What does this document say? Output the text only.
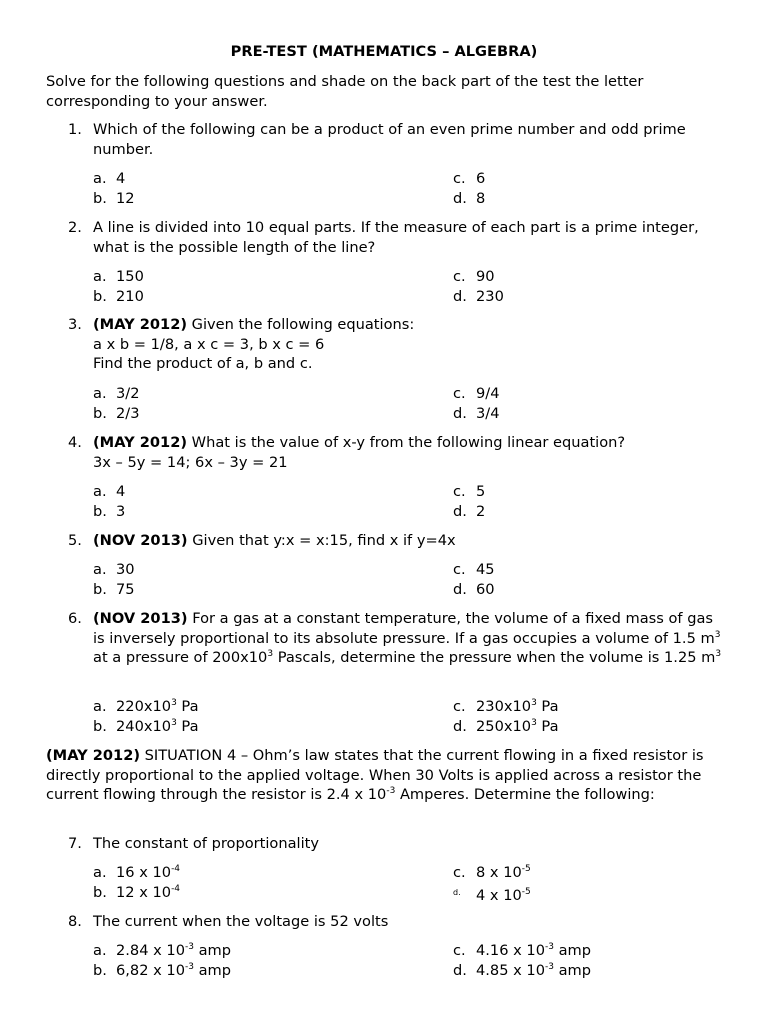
PRE-TEST (MATHEMATICS – ALGEBRA)
Solve for the following questions and shade on the back part of the test the letter corresponding to your answer.
1. Which of the following can be a product of an even prime number and odd prime number.
a. 4
b. 12
c. 6
d. 8
2. A line is divided into 10 equal parts. If the measure of each part is a prime integer, what is the possible length of the line?
a. 150
b. 210
c. 90
d. 230
3. (MAY 2012) Given the following equations:
a x b = 1/8, a x c = 3, b x c = 6
Find the product of a, b and c.
a. 3/2
b. 2/3
c. 9/4
d. 3/4
4. (MAY 2012) What is the value of x-y from the following linear equation?
3x – 5y = 14; 6x – 3y = 21
a. 4
b. 3
c. 5
d. 2
5. (NOV 2013) Given that y:x = x:15, find x if y=4x
a. 30
b. 75
c. 45
d. 60
6. (NOV 2013) For a gas at a constant temperature, the volume of a fixed mass of gas is inversely proportional to its absolute pressure. If a gas occupies a volume of 1.5 $m^3$ at a pressure of $200x10^3$ Pascals, determine the pressure when the volume is 1.25 $m^3$
a. $220x10^3$ Pa
b. $240x10^3$ Pa
c. $230x10^3$ Pa
d. $250x10^3$ Pa
(MAY 2012) SITUATION 4 – Ohm’s law states that the current flowing in a fixed resistor is directly proportional to the applied voltage. When 30 Volts is applied across a resistor the current flowing through the resistor is 2.4 x $10^{-3}$ Amperes. Determine the following:
7. The constant of proportionality
a. 16 x $10^{-4}$
b. 12 x $10^{-4}$
c. 8 x $10^{-5}$
d. 4 x $10^{-5}$
8. The current when the voltage is 52 volts
a. 2.84 x $10^{-3}$ amp
b. 6,82 x $10^{-3}$ amp
c. 4.16 x $10^{-3}$ amp
d. 4.85 x $10^{-3}$ amp
